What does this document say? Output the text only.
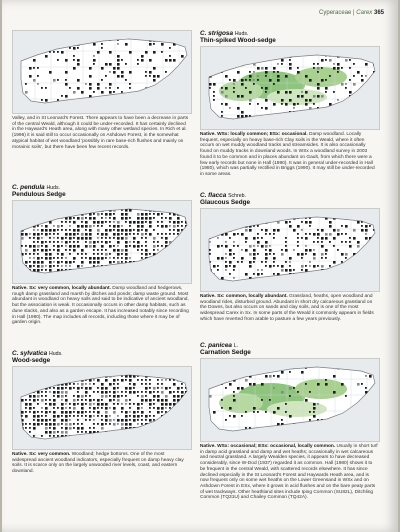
Cyperaceae | Carex 365

Valley, and in St Leonard's Forest. There appears to have been a decrease in parts of the central Weald, although it could be under-recorded. It has certainly declined in the Hayward's Heath area, along with many other wetland species. In Rich et al. (1996) it is said still to occur occasionally on Ashdown Forest, in the somewhat atypical habitat of wet woodland 'possibly in rare base-rich flushes and mainly on morainic soils', but there have been few recent records.

C. pendula Huds.
Pendulous Sedge

Native. Sx: very common, locally abundant. Damp woodland and hedgerows, rough damp grassland and marsh by ditches and ponds; damp waste ground. Most abundant in woodland on heavy soils and said to be indicative of ancient woodland, but the association is weak. It occasionally occurs in other damp habitats, such as dune slacks, and also as a garden escape. It has increased notably since recording in Hall (1980). The map includes all records, including those where it may be of garden origin.

C. sylvatica Huds.
Wood-sedge

Native. Sx: very common. Woodland; hedge bottoms. One of the most widespread ancient woodland indicators, especially frequent on damp heavy clay soils. It is scarce only on the largely unwooded river levels, coast, and eastern downland.

C. strigosa Huds.
Thin-spiked Wood-sedge

Native. WSx: locally common; ESx: occasional. Damp woodland. Locally frequent, especially on heavy base-rich Clay soils in the Weald, where it often occurs on wet muddy woodland tracks and streamsides. It is also occasionally found on muddy tracks in downland woods. In WSx a woodland survey in 2003 found it to be common and in places abundant on Gault, from which there were a few early records but none in Hall (1980). It was in general under-recorded in Hall (1980), which was partially rectified in Briggs (1990). It may still be under-recorded in some areas.

C. flacca Schreb.
Glaucous Sedge

Native. Sx: common, locally abundant. Grassland, heaths, open woodland and woodland rides, disturbed ground. Abundant in short dry calcareous grassland on the Downs, but also occurs on sands and clay soils, and is one of the most widespread Carex in Sx. In some parts of the Weald it commonly appears in fields which have reverted from arable to pasture a few years previously.

C. panicea L.
Carnation Sedge

Native. WSx: occasional; ESx: occasional, locally common. Usually in short turf in damp acid grassland and damp and wet heaths; occasionally in wet calcareous and neutral grassland. A largely Wealden species, it appears to have decreased considerably, since W-Dod (1937) regarded it as common. Hall (1980) shows it to be frequent in the central Weald, with scattered records elsewhere. It has since declined especially in the St Leonard's Forest and Haywards Heath area, and is now frequent only on some wet heaths on the Lower Greensand in WSx and on Ashdown Forest in ESx, where it grows in acid flushes and on the bare peaty parts of wet trackways. Other heathland sites include Iping Common (SU82L), Ditchling Common (TQ31U) and Chailey Common (TQ42A).
